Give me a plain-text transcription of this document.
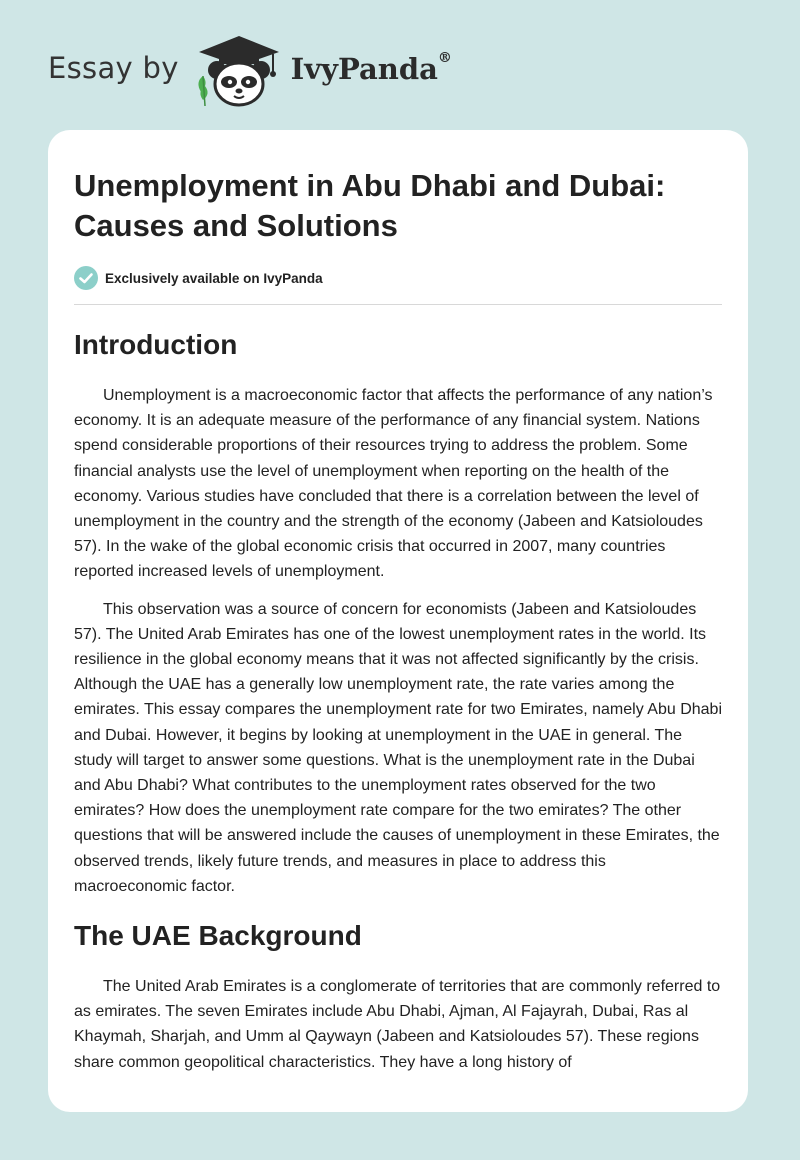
Essay by	IvyPanda®
Unemployment in Abu Dhabi and Dubai: Causes and Solutions
Exclusively available on IvyPanda
Introduction

Unemployment is a macroeconomic factor that affects the performance of any nation’s economy. It is an adequate measure of the performance of any financial system. Nations spend considerable proportions of their resources trying to address the problem. Some financial analysts use the level of unemployment when reporting on the health of the economy. Various studies have concluded that there is a correlation between the level of unemployment in the country and the strength of the economy (Jabeen and Katsioloudes 57). In the wake of the global economic crisis that occurred in 2007, many countries reported increased levels of unemployment.

This observation was a source of concern for economists (Jabeen and Katsioloudes 57). The United Arab Emirates has one of the lowest unemployment rates in the world. Its resilience in the global economy means that it was not affected significantly by the crisis. Although the UAE has a generally low unemployment rate, the rate varies among the emirates. This essay compares the unemployment rate for two Emirates, namely Abu Dhabi and Dubai. However, it begins by looking at unemployment in the UAE in general. The study will target to answer some questions. What is the unemployment rate in the Dubai and Abu Dhabi? What contributes to the unemployment rates observed for the two emirates? How does the unemployment rate compare for the two emirates? The other questions that will be answered include the causes of unemployment in these Emirates, the observed trends, likely future trends, and measures in place to address this macroeconomic factor.

The UAE Background

The United Arab Emirates is a conglomerate of territories that are commonly referred to as emirates. The seven Emirates include Abu Dhabi, Ajman, Al Fajayrah, Dubai, Ras al Khaymah, Sharjah, and Umm al Qaywayn (Jabeen and Katsioloudes 57). These regions share common geopolitical characteristics. They have a long history of
